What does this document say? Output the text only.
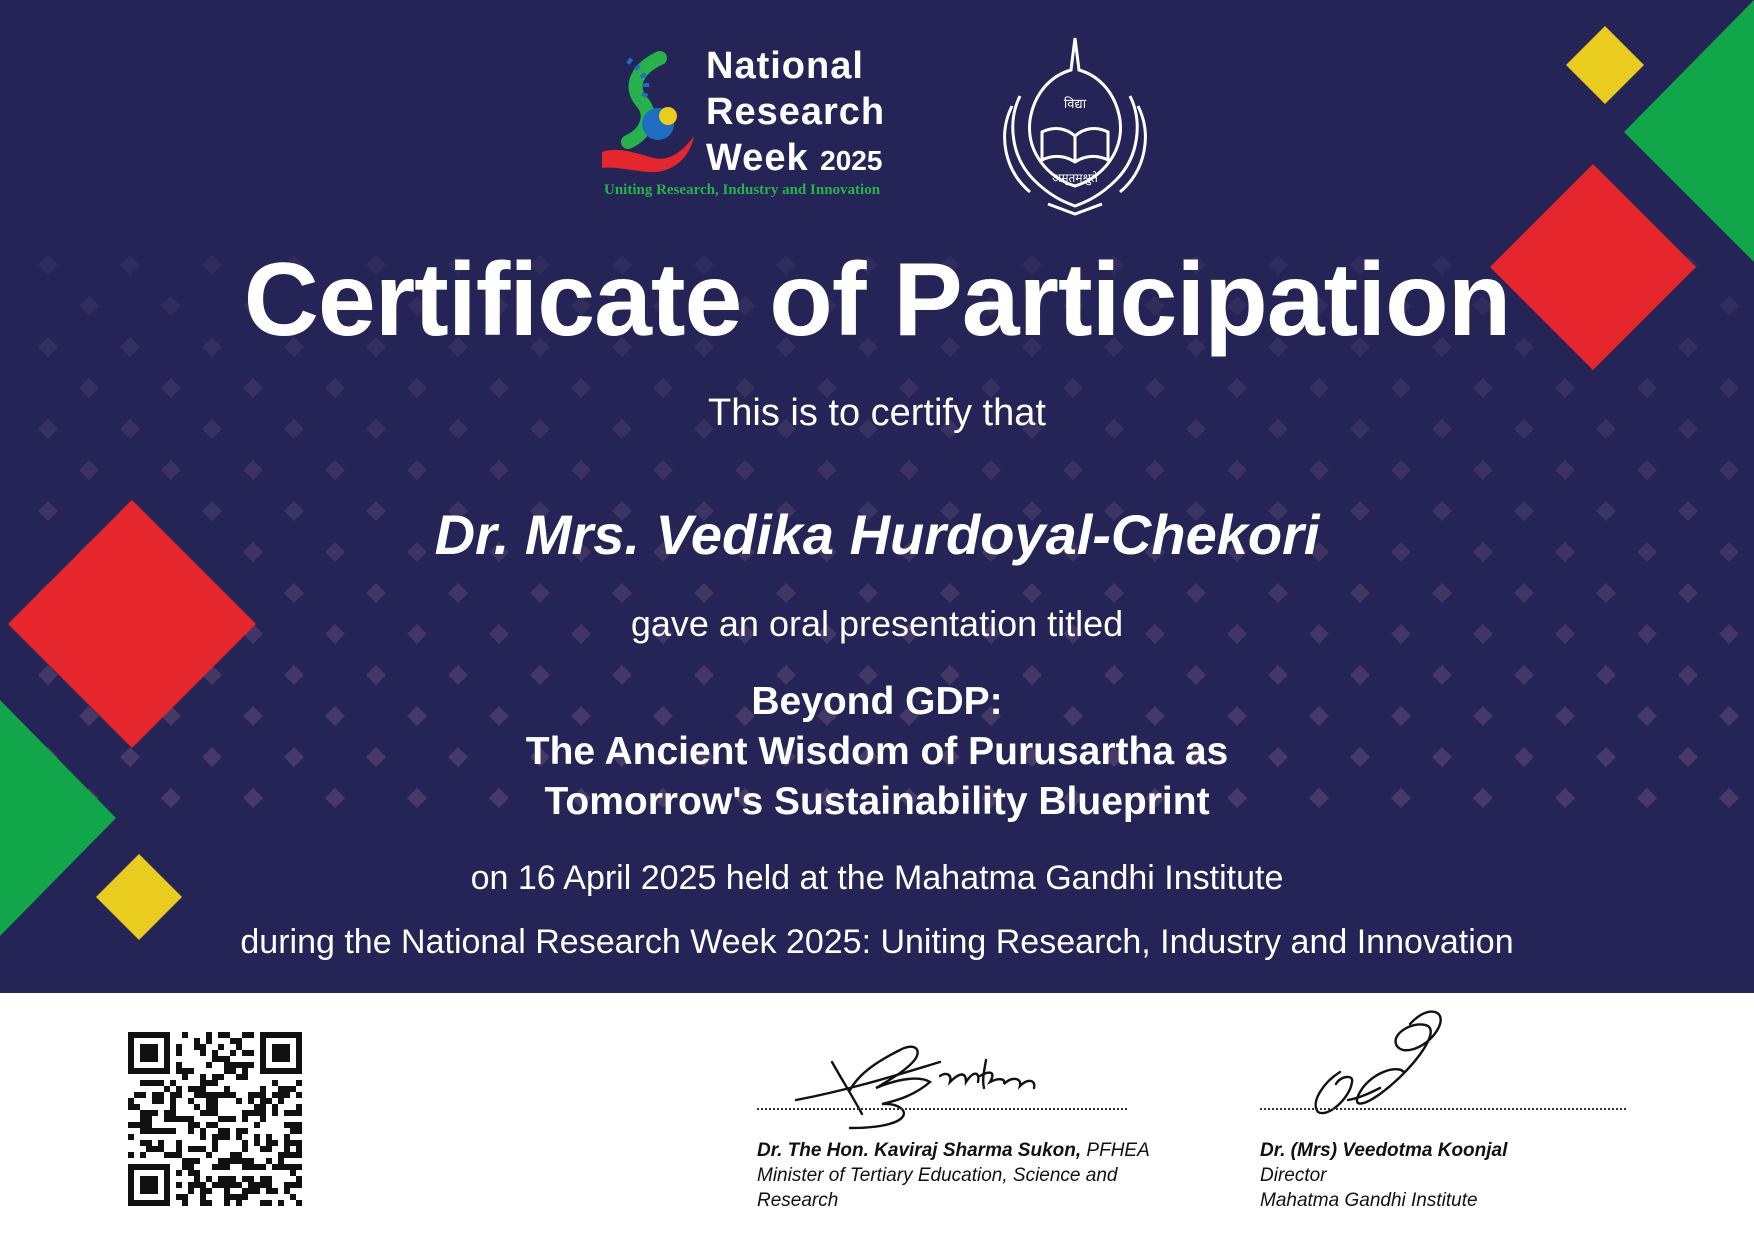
National
Research
Week 2025
Uniting Research, Industry and Innovation
विद्या
अमृतमश्नुते
Certificate of Participation
This is to certify that
Dr. Mrs. Vedika Hurdoyal-Chekori
gave an oral presentation titled
Beyond GDP:
The Ancient Wisdom of Purusartha as
Tomorrow's Sustainability Blueprint
on 16 April 2025 held at the Mahatma Gandhi Institute
during the National Research Week 2025: Uniting Research, Industry and Innovation
Dr. The Hon. Kaviraj Sharma Sukon, PFHEA
Minister of Tertiary Education, Science and
Research
Dr. (Mrs) Veedotma Koonjal
Director
Mahatma Gandhi Institute
